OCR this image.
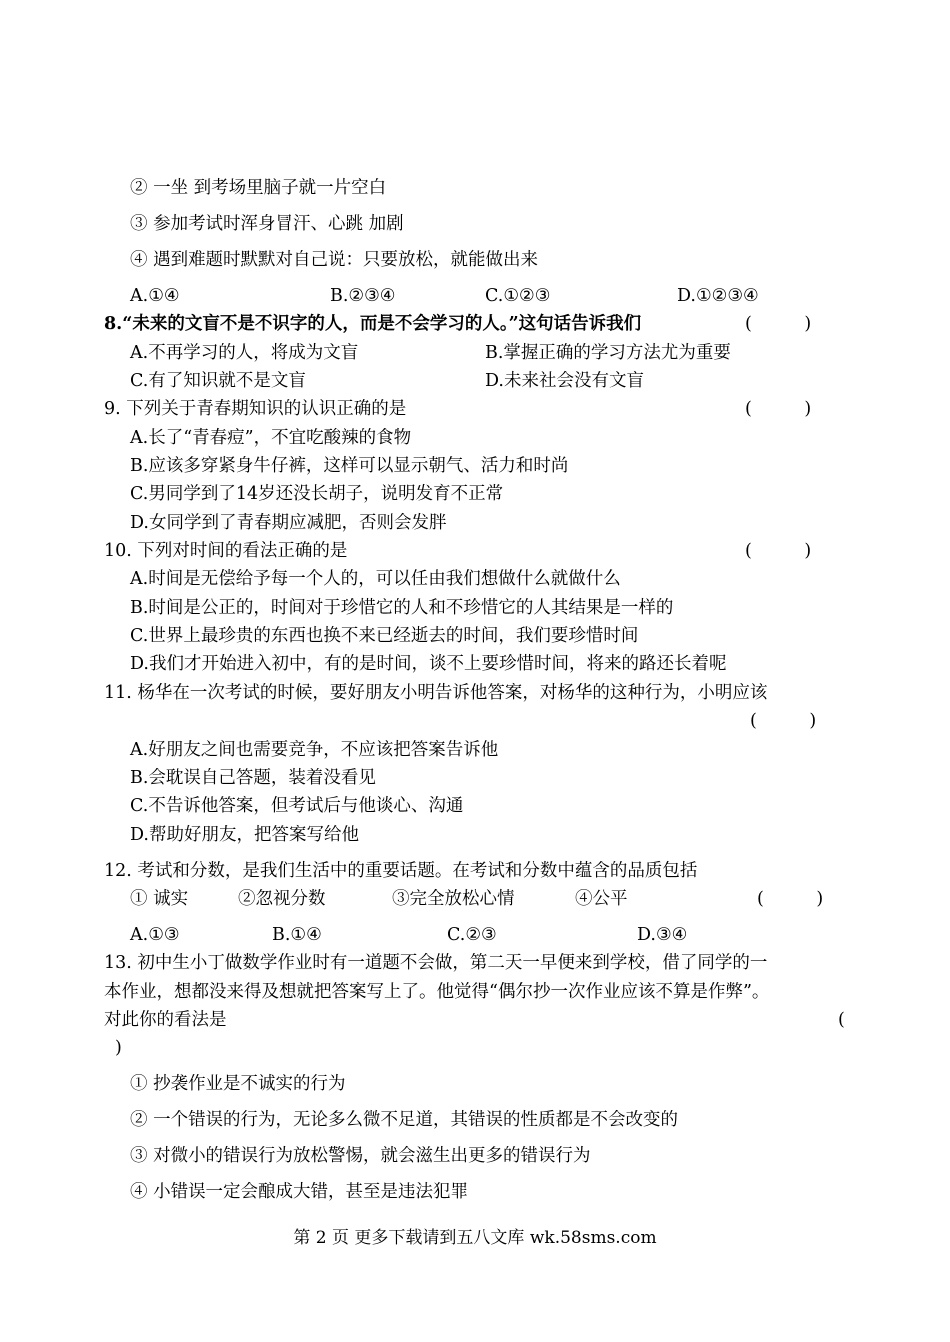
② 一坐 到考场里脑子就一片空白
③ 参加考试时浑身冒汗、心跳 加剧
④ 遇到难题时默默对自己说：只要放松，就能做出来
A.①④	B.②③④	C.①②③	D.①②③④
8.“未来的文盲不是不识字的人，而是不会学习的人。”这句话告诉我们	(　　　)
A.不再学习的人，将成为文盲	B.掌握正确的学习方法尤为重要
C.有了知识就不是文盲	D.未来社会没有文盲
9. 下列关于青春期知识的认识正确的是	(　　　)
A.长了“青春痘”，不宜吃酸辣的食物
B.应该多穿紧身牛仔裤，这样可以显示朝气、活力和时尚
C.男同学到了14岁还没长胡子，说明发育不正常
D.女同学到了青春期应减肥，否则会发胖
10. 下列对时间的看法正确的是	(　　　)
A.时间是无偿给予每一个人的，可以任由我们想做什么就做什么
B.时间是公正的，时间对于珍惜它的人和不珍惜它的人其结果是一样的
C.世界上最珍贵的东西也换不来已经逝去的时间，我们要珍惜时间
D.我们才开始进入初中，有的是时间，谈不上要珍惜时间，将来的路还长着呢
11. 杨华在一次考试的时候，要好朋友小明告诉他答案，对杨华的这种行为，小明应该
(　　　)
A.好朋友之间也需要竞争，不应该把答案告诉他
B.会耽误自己答题，装着没看见
C.不告诉他答案，但考试后与他谈心、沟通
D.帮助好朋友，把答案写给他
12. 考试和分数，是我们生活中的重要话题。在考试和分数中蕴含的品质包括
① 诚实	②忽视分数	③完全放松心情	④公平	(　　　)
A.①③	B.①④	C.②③	D.③④
13. 初中生小丁做数学作业时有一道题不会做，第二天一早便来到学校，借了同学的一
本作业，想都没来得及想就把答案写上了。他觉得“偶尔抄一次作业应该不算是作弊”。
对此你的看法是	(
)
① 抄袭作业是不诚实的行为
② 一个错误的行为，无论多么微不足道，其错误的性质都是不会改变的
③ 对微小的错误行为放松警惕，就会滋生出更多的错误行为
④ 小错误一定会酿成大错，甚至是违法犯罪
第 2 页 更多下载请到五八文库 wk.58sms.com
